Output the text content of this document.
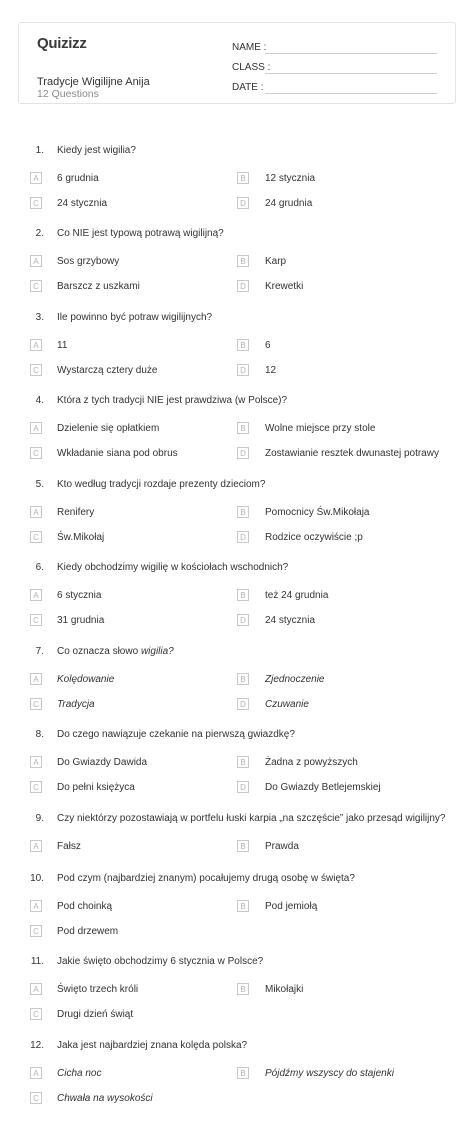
Quizizz
Tradycje Wigilijne Anija
12 Questions
NAME :
CLASS :
DATE :
1. Kiedy jest wigilia?
A	6 grudnia	B	12 stycznia
C	24 stycznia	D	24 grudnia
2. Co NIE jest typową potrawą wigilijną?
A	Sos grzybowy	B	Karp
C	Barszcz z uszkami	D	Krewetki
3. Ile powinno być potraw wigilijnych?
A	11	B	6
C	Wystarczą cztery duże	D	12
4. Która z tych tradycji NIE jest prawdziwa (w Polsce)?
A	Dzielenie się opłatkiem	B	Wolne miejsce przy stole
C	Wkładanie siana pod obrus	D	Zostawianie resztek dwunastej potrawy
5. Kto według tradycji rozdaje prezenty dzieciom?
A	Renifery	B	Pomocnicy Św.Mikołaja
C	Św.Mikołaj	D	Rodzice oczywiście ;p
6. Kiedy obchodzimy wigilię w kościołach wschodnich?
A	6 stycznia	B	też 24 grudnia
C	31 grudnia	D	24 stycznia
7. Co oznacza słowo wigilia?
A	Kolędowanie	B	Zjednoczenie
C	Tradycja	D	Czuwanie
8. Do czego nawiązuje czekanie na pierwszą gwiazdkę?
A	Do Gwiazdy Dawida	B	Żadna z powyższych
C	Do pełni księżyca	D	Do Gwiazdy Betlejemskiej
9. Czy niektórzy pozostawiają w portfelu łuski karpia „na szczęście” jako przesąd wigilijny?
A	Fałsz	B	Prawda
10. Pod czym (najbardziej znanym) pocałujemy drugą osobę w święta?
A	Pod choinką	B	Pod jemiołą
C	Pod drzewem
11. Jakie święto obchodzimy 6 stycznia w Polsce?
A	Święto trzech króli	B	Mikołajki
C	Drugi dzień świąt
12. Jaka jest najbardziej znana kolęda polska?
A	Cicha noc	B	Pójdźmy wszyscy do stajenki
C	Chwała na wysokości
